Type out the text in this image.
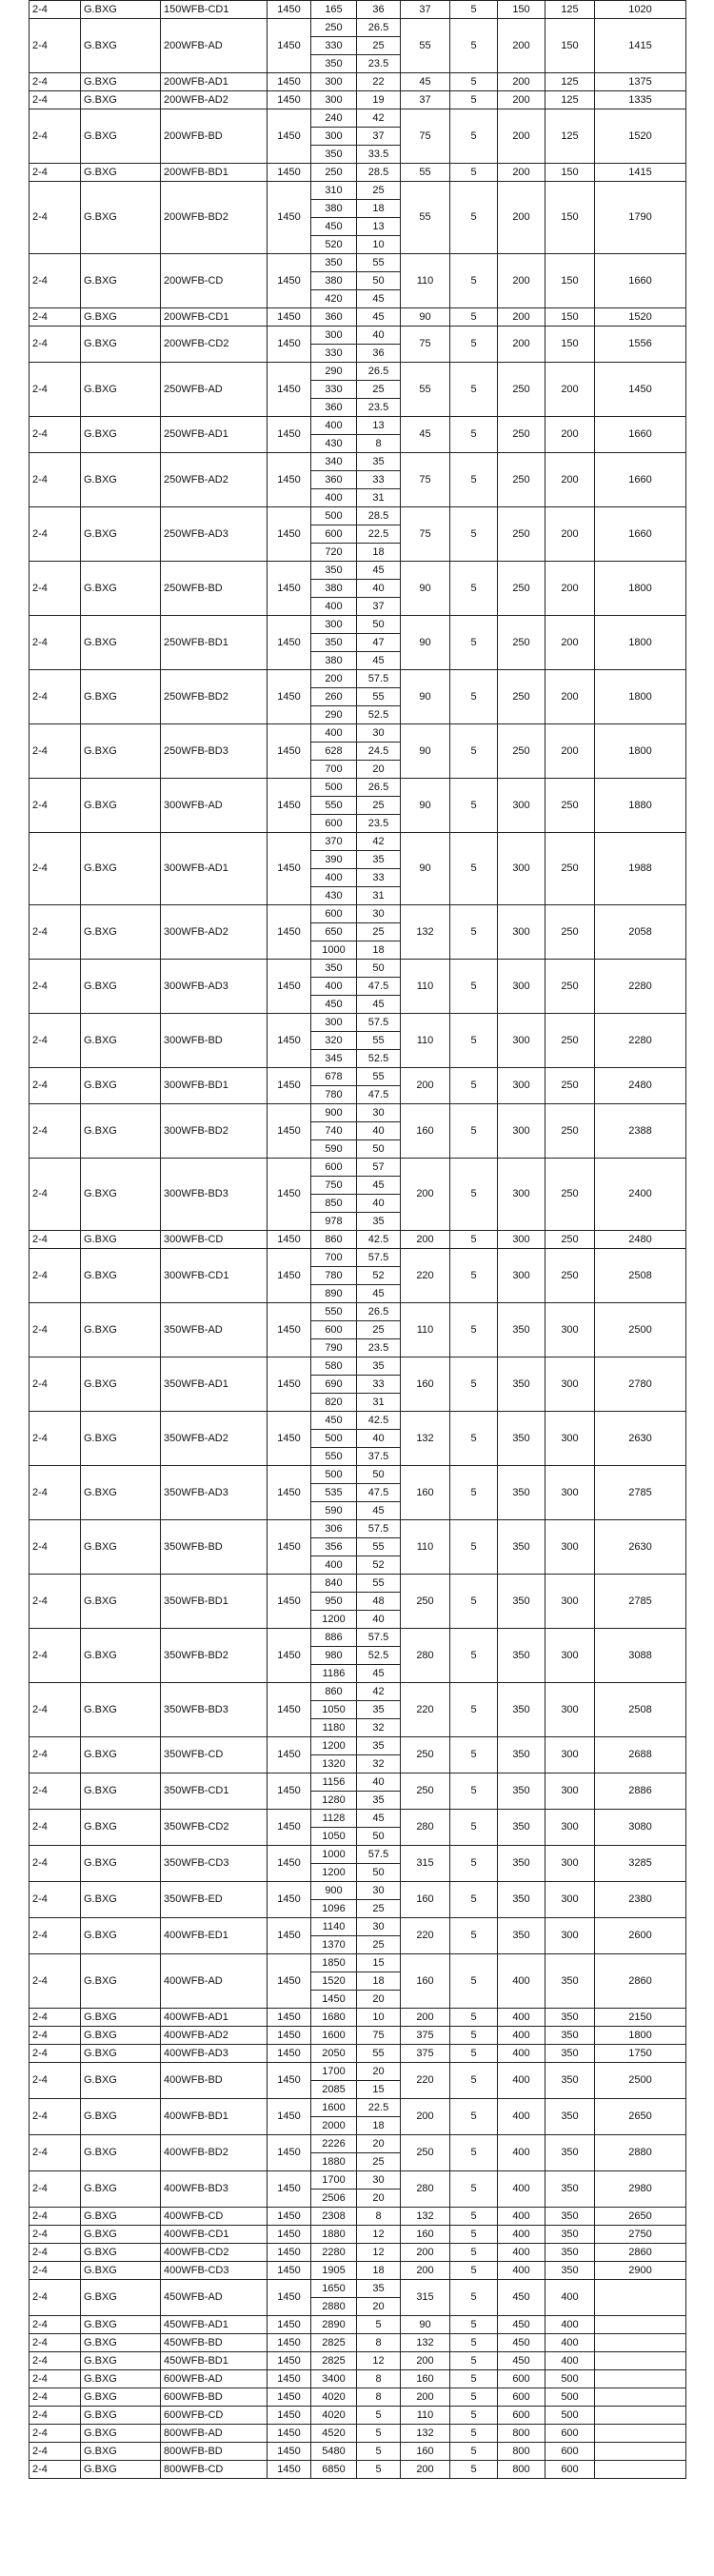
2-4	G.BXG	150WFB-CD1	1450	165	36	37	5	150	125	1020
2-4	G.BXG	200WFB-AD	1450	250	26.5	55	5	200	150	1415
				330	25					
				350	23.5					
2-4	G.BXG	200WFB-AD1	1450	300	22	45	5	200	125	1375
2-4	G.BXG	200WFB-AD2	1450	300	19	37	5	200	125	1335
2-4	G.BXG	200WFB-BD	1450	240	42	75	5	200	125	1520
				300	37					
				350	33.5					
2-4	G.BXG	200WFB-BD1	1450	250	28.5	55	5	200	150	1415
2-4	G.BXG	200WFB-BD2	1450	310	25	55	5	200	150	1790
				380	18					
				450	13					
				520	10					
2-4	G.BXG	200WFB-CD	1450	350	55	110	5	200	150	1660
				380	50					
				420	45					
2-4	G.BXG	200WFB-CD1	1450	360	45	90	5	200	150	1520
2-4	G.BXG	200WFB-CD2	1450	300	40	75	5	200	150	1556
				330	36					
2-4	G.BXG	250WFB-AD	1450	290	26.5	55	5	250	200	1450
				330	25					
				360	23.5					
2-4	G.BXG	250WFB-AD1	1450	400	13	45	5	250	200	1660
				430	8					
2-4	G.BXG	250WFB-AD2	1450	340	35	75	5	250	200	1660
				360	33					
				400	31					
2-4	G.BXG	250WFB-AD3	1450	500	28.5	75	5	250	200	1660
				600	22.5					
				720	18					
2-4	G.BXG	250WFB-BD	1450	350	45	90	5	250	200	1800
				380	40					
				400	37					
2-4	G.BXG	250WFB-BD1	1450	300	50	90	5	250	200	1800
				350	47					
				380	45					
2-4	G.BXG	250WFB-BD2	1450	200	57.5	90	5	250	200	1800
				260	55					
				290	52.5					
2-4	G.BXG	250WFB-BD3	1450	400	30	90	5	250	200	1800
				628	24.5					
				700	20					
2-4	G.BXG	300WFB-AD	1450	500	26.5	90	5	300	250	1880
				550	25					
				600	23.5					
2-4	G.BXG	300WFB-AD1	1450	370	42	90	5	300	250	1988
				390	35					
				400	33					
				430	31					
2-4	G.BXG	300WFB-AD2	1450	600	30	132	5	300	250	2058
				650	25					
				1000	18					
2-4	G.BXG	300WFB-AD3	1450	350	50	110	5	300	250	2280
				400	47.5					
				450	45					
2-4	G.BXG	300WFB-BD	1450	300	57.5	110	5	300	250	2280
				320	55					
				345	52.5					
2-4	G.BXG	300WFB-BD1	1450	678	55	200	5	300	250	2480
				780	47.5					
2-4	G.BXG	300WFB-BD2	1450	900	30	160	5	300	250	2388
				740	40					
				590	50					
2-4	G.BXG	300WFB-BD3	1450	600	57	200	5	300	250	2400
				750	45					
				850	40					
				978	35					
2-4	G.BXG	300WFB-CD	1450	860	42.5	200	5	300	250	2480
2-4	G.BXG	300WFB-CD1	1450	700	57.5	220	5	300	250	2508
				780	52					
				890	45					
2-4	G.BXG	350WFB-AD	1450	550	26.5	110	5	350	300	2500
				600	25					
				790	23.5					
2-4	G.BXG	350WFB-AD1	1450	580	35	160	5	350	300	2780
				690	33					
				820	31					
2-4	G.BXG	350WFB-AD2	1450	450	42.5	132	5	350	300	2630
				500	40					
				550	37.5					
2-4	G.BXG	350WFB-AD3	1450	500	50	160	5	350	300	2785
				535	47.5					
				590	45					
2-4	G.BXG	350WFB-BD	1450	306	57.5	110	5	350	300	2630
				356	55					
				400	52					
2-4	G.BXG	350WFB-BD1	1450	840	55	250	5	350	300	2785
				950	48					
				1200	40					
2-4	G.BXG	350WFB-BD2	1450	886	57.5	280	5	350	300	3088
				980	52.5					
				1186	45					
2-4	G.BXG	350WFB-BD3	1450	860	42	220	5	350	300	2508
				1050	35					
				1180	32					
2-4	G.BXG	350WFB-CD	1450	1200	35	250	5	350	300	2688
				1320	32					
2-4	G.BXG	350WFB-CD1	1450	1156	40	250	5	350	300	2886
				1280	35					
2-4	G.BXG	350WFB-CD2	1450	1128	45	280	5	350	300	3080
				1050	50					
2-4	G.BXG	350WFB-CD3	1450	1000	57.5	315	5	350	300	3285
				1200	50					
2-4	G.BXG	350WFB-ED	1450	900	30	160	5	350	300	2380
				1096	25					
2-4	G.BXG	400WFB-ED1	1450	1140	30	220	5	350	300	2600
				1370	25					
2-4	G.BXG	400WFB-AD	1450	1850	15	160	5	400	350	2860
				1520	18					
				1450	20					
2-4	G.BXG	400WFB-AD1	1450	1680	10	200	5	400	350	2150
2-4	G.BXG	400WFB-AD2	1450	1600	75	375	5	400	350	1800
2-4	G.BXG	400WFB-AD3	1450	2050	55	375	5	400	350	1750
2-4	G.BXG	400WFB-BD	1450	1700	20	220	5	400	350	2500
				2085	15					
2-4	G.BXG	400WFB-BD1	1450	1600	22.5	200	5	400	350	2650
				2000	18					
2-4	G.BXG	400WFB-BD2	1450	2226	20	250	5	400	350	2880
				1880	25					
2-4	G.BXG	400WFB-BD3	1450	1700	30	280	5	400	350	2980
				2506	20					
2-4	G.BXG	400WFB-CD	1450	2308	8	132	5	400	350	2650
2-4	G.BXG	400WFB-CD1	1450	1880	12	160	5	400	350	2750
2-4	G.BXG	400WFB-CD2	1450	2280	12	200	5	400	350	2860
2-4	G.BXG	400WFB-CD3	1450	1905	18	200	5	400	350	2900
2-4	G.BXG	450WFB-AD	1450	1650	35	315	5	450	400	
				2880	20					
2-4	G.BXG	450WFB-AD1	1450	2890	5	90	5	450	400	
2-4	G.BXG	450WFB-BD	1450	2825	8	132	5	450	400	
2-4	G.BXG	450WFB-BD1	1450	2825	12	200	5	450	400	
2-4	G.BXG	600WFB-AD	1450	3400	8	160	5	600	500	
2-4	G.BXG	600WFB-BD	1450	4020	8	200	5	600	500	
2-4	G.BXG	600WFB-CD	1450	4020	5	110	5	600	500	
2-4	G.BXG	800WFB-AD	1450	4520	5	132	5	800	600	
2-4	G.BXG	800WFB-BD	1450	5480	5	160	5	800	600	
2-4	G.BXG	800WFB-CD	1450	6850	5	200	5	800	600	
